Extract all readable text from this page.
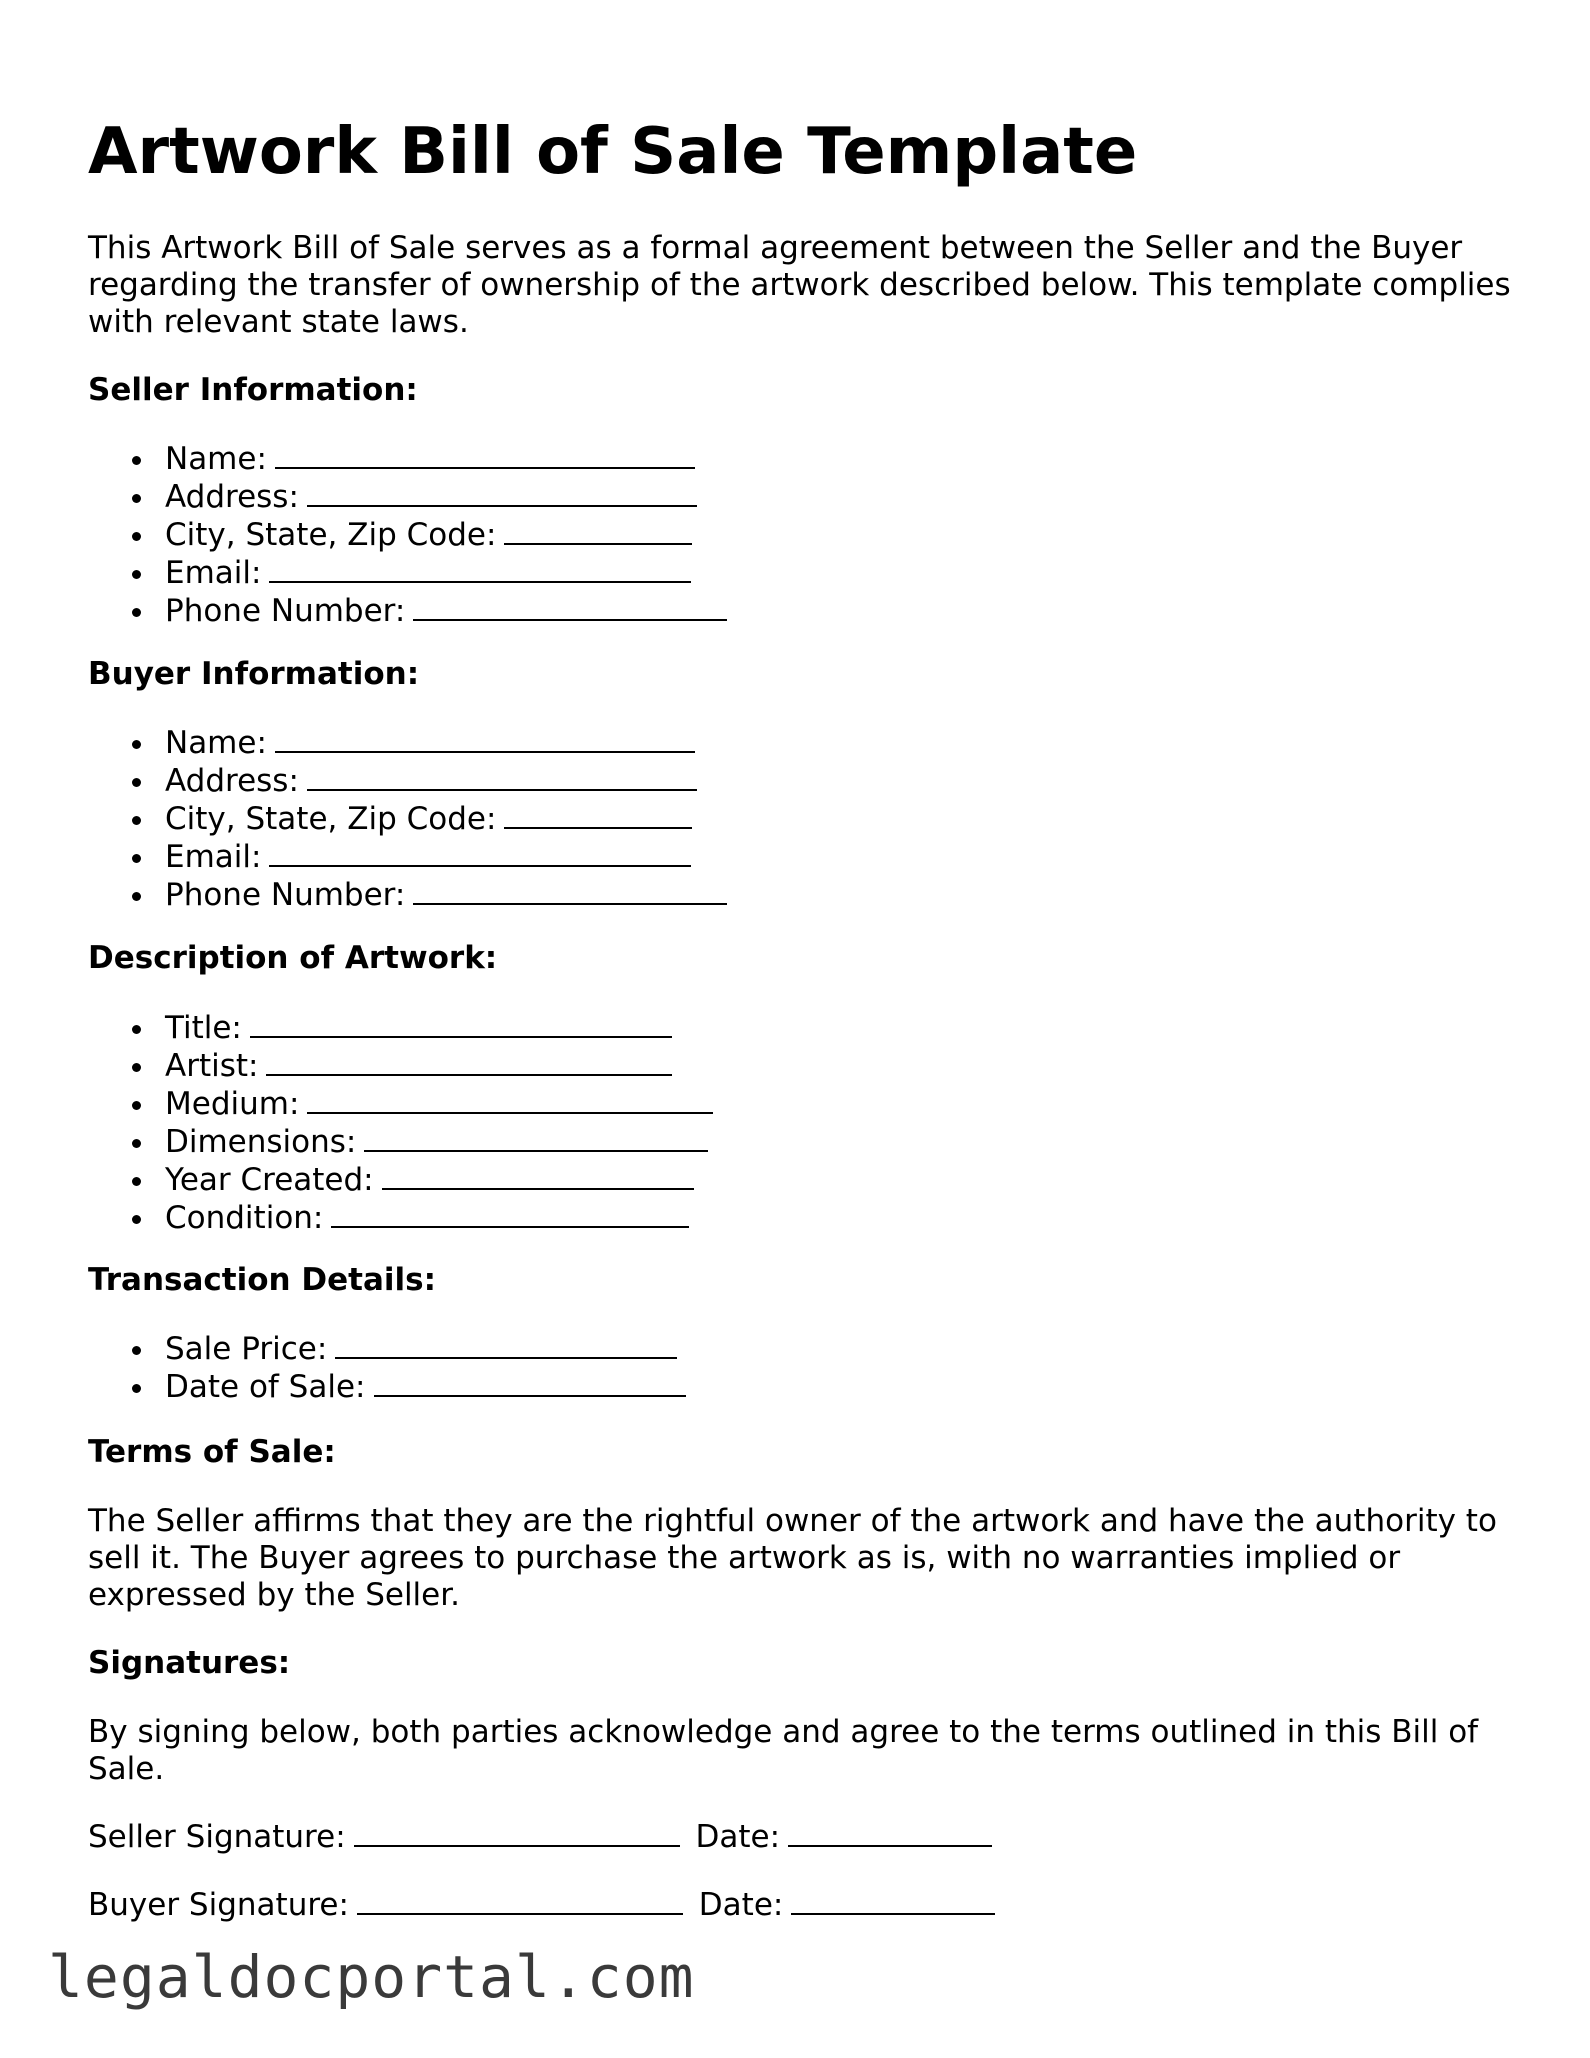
Artwork Bill of Sale Template

This Artwork Bill of Sale serves as a formal agreement between the Seller and the Buyer regarding the transfer of ownership of the artwork described below. This template complies with relevant state laws.

Seller Information:
Name:
Address:
City, State, Zip Code:
Email:
Phone Number:
Buyer Information:
Name:
Address:
City, State, Zip Code:
Email:
Phone Number:
Description of Artwork:
Title:
Artist:
Medium:
Dimensions:
Year Created:
Condition:
Transaction Details:
Sale Price:
Date of Sale:
Terms of Sale:

The Seller affirms that they are the rightful owner of the artwork and have the authority to sell it. The Buyer agrees to purchase the artwork as is, with no warranties implied or expressed by the Seller.

Signatures:

By signing below, both parties acknowledge and agree to the terms outlined in this Bill of Sale.

Seller Signature:	Date:
Buyer Signature:	Date:
legaldocportal.com
